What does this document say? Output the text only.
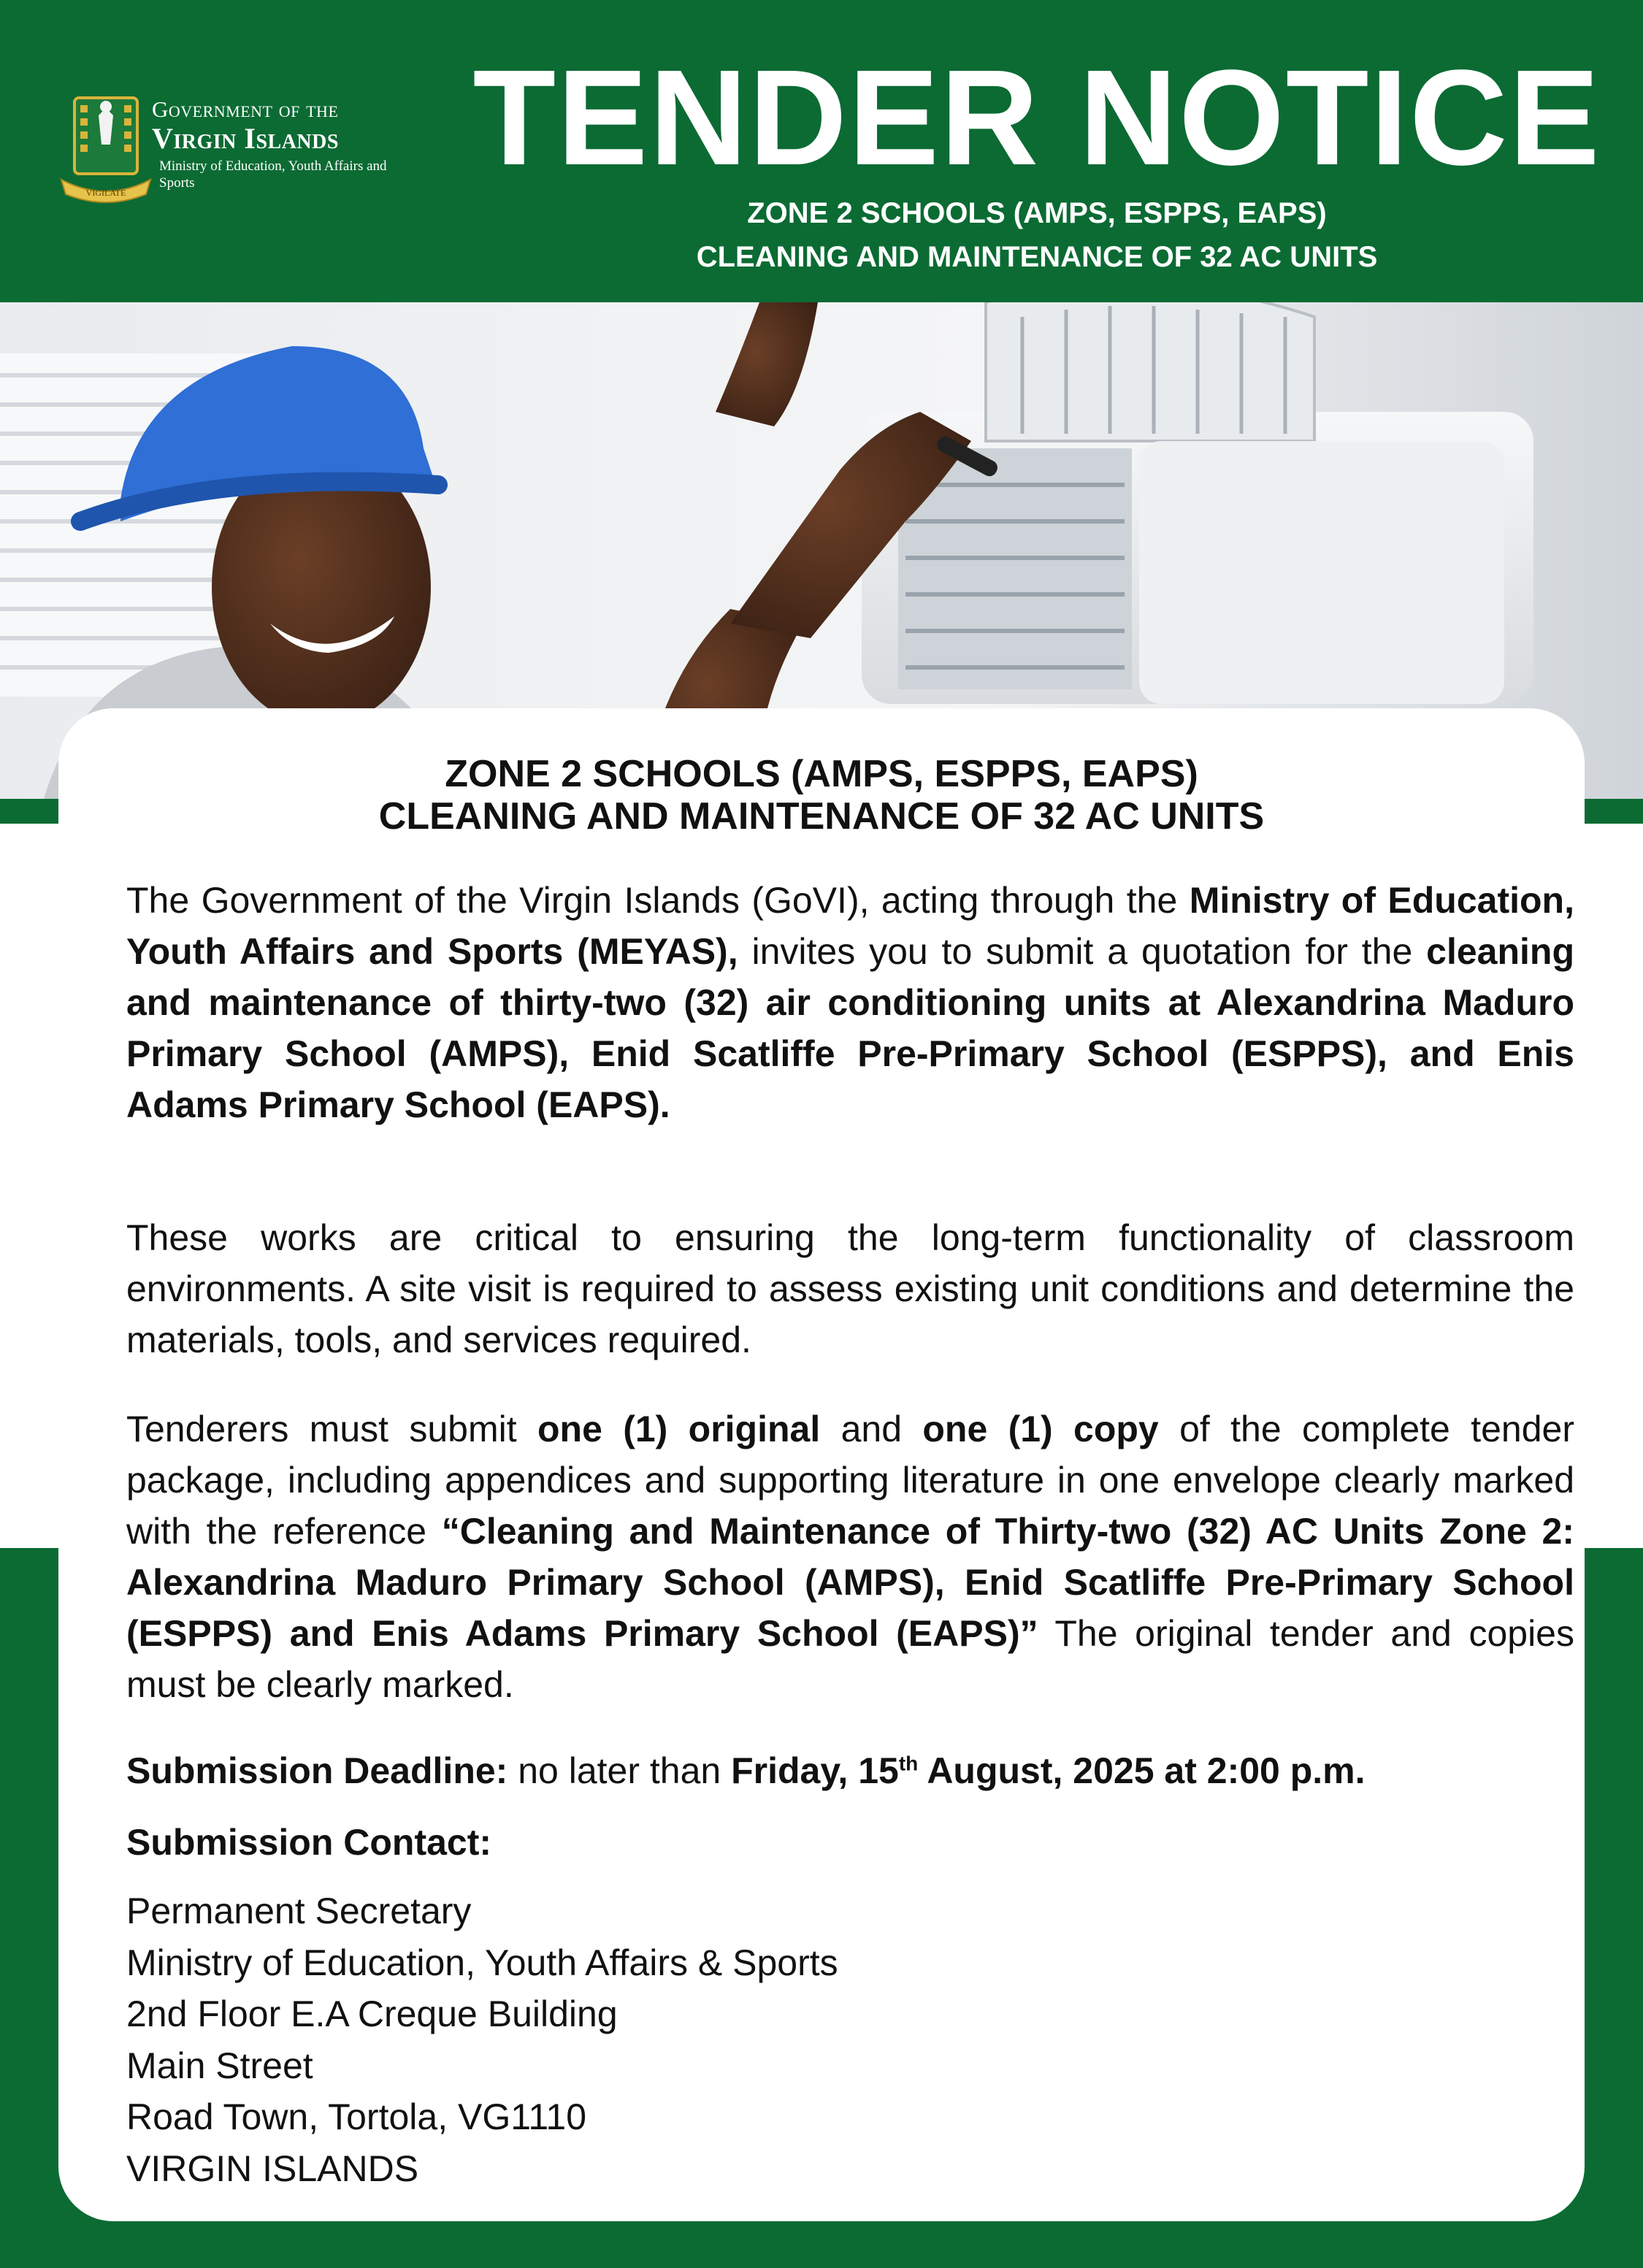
VIGILATE
Government of the
Virgin Islands
Ministry of Education, Youth Affairs and Sports	TENDER NOTICE
ZONE 2 SCHOOLS (AMPS, ESPPS, EAPS)
CLEANING AND MAINTENANCE OF 32 AC UNITS
ZONE 2 SCHOOLS (AMPS, ESPPS, EAPS)
CLEANING AND MAINTENANCE OF 32 AC UNITS

The Government of the Virgin Islands (GoVI), acting through the Ministry of Education, Youth Affairs and Sports (MEYAS), invites you to submit a quotation for the cleaning and maintenance of thirty-two (32) air conditioning units at Alexandrina Maduro Primary School (AMPS), Enid Scatliffe Pre-Primary School (ESPPS), and Enis Adams Primary School (EAPS).

These works are critical to ensuring the long-term functionality of classroom environments. A site visit is required to assess existing unit conditions and determine the materials, tools, and services required.

Tenderers must submit one (1) original and one (1) copy of the complete tender package, including appendices and supporting literature in one envelope clearly marked with the reference “Cleaning and Maintenance of Thirty-two (32) AC Units Zone 2: Alexandrina Maduro Primary School (AMPS), Enid Scatliffe Pre-Primary School (ESPPS) and Enis Adams Primary School (EAPS)” The original tender and copies must be clearly marked.

Submission Deadline: no later than Friday, 15th August, 2025 at 2:00 p.m.
Submission Contact:
Permanent Secretary
Ministry of Education, Youth Affairs & Sports
2nd Floor E.A Creque Building
Main Street
Road Town, Tortola, VG1110
VIRGIN ISLANDS
